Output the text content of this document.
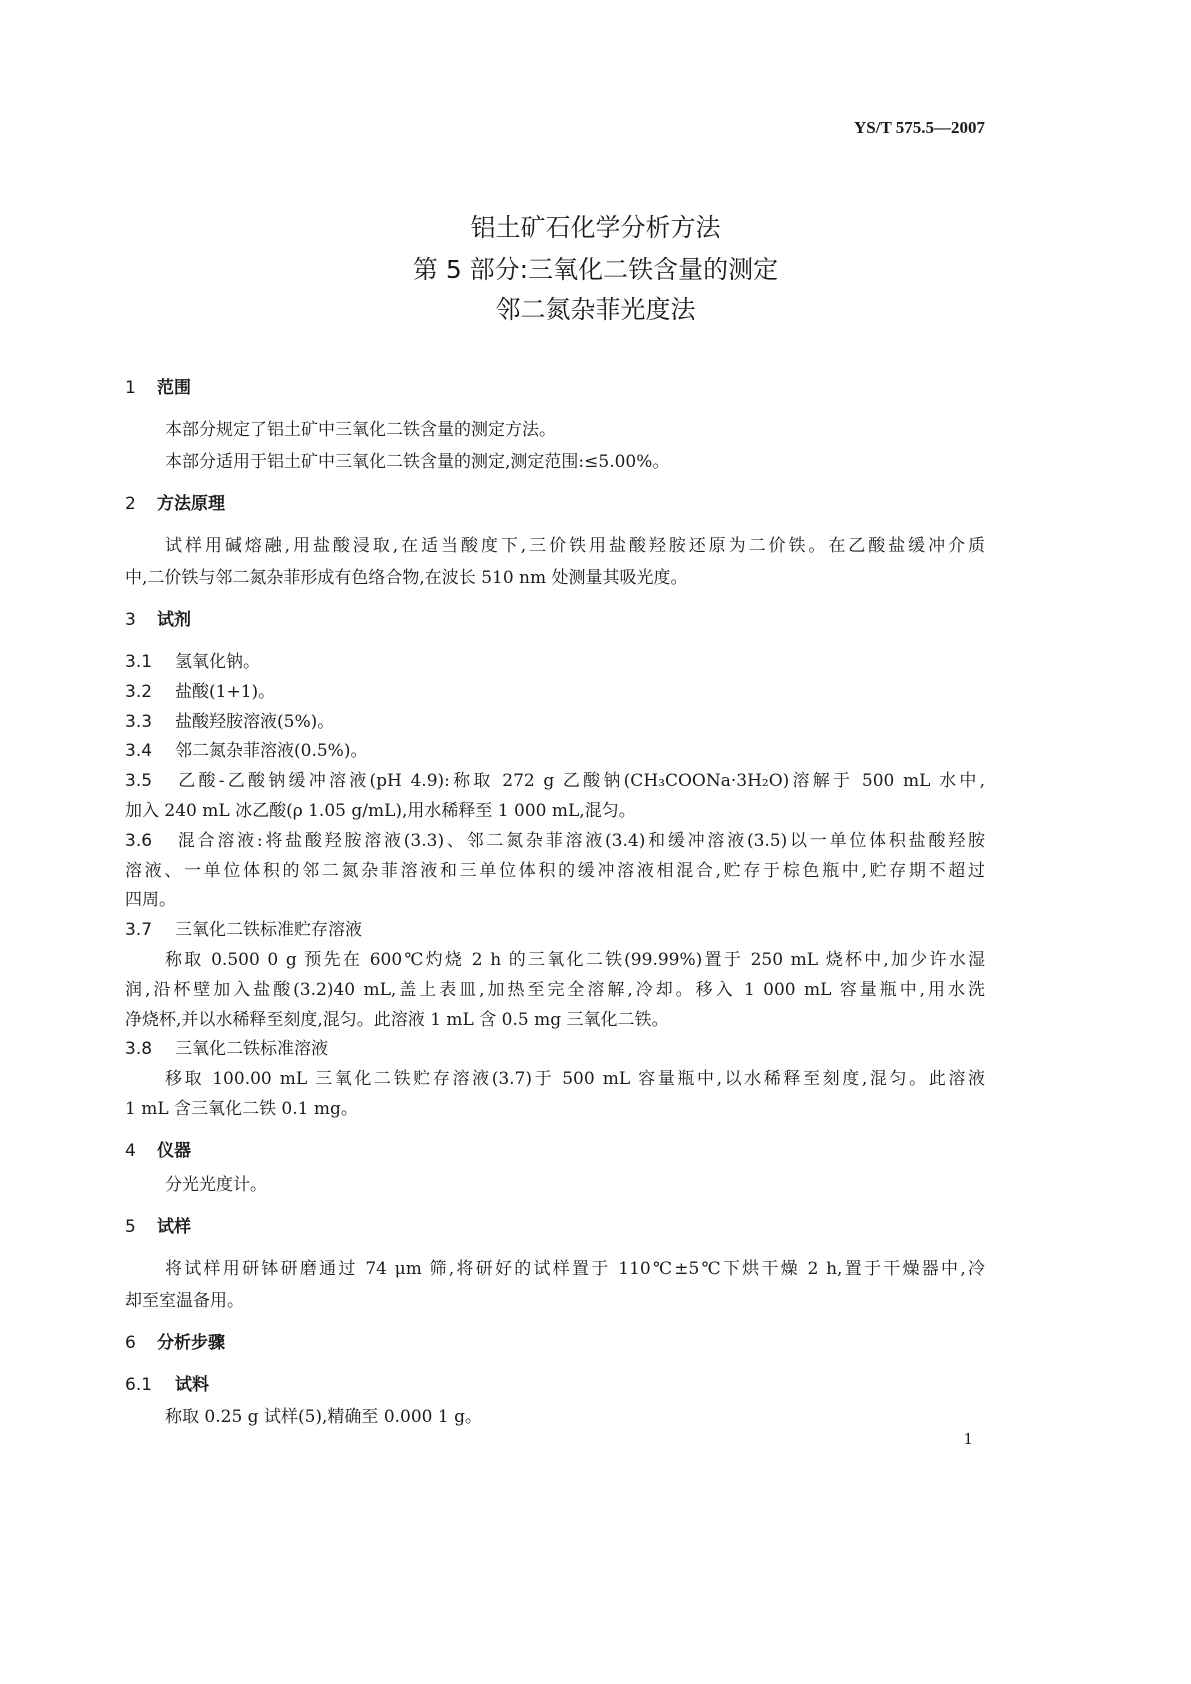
YS/T 575.5—2007
铝土矿石化学分析方法
第 5 部分:三氧化二铁含量的测定
邻二氮杂菲光度法
1 范围
本部分规定了铝土矿中三氧化二铁含量的测定方法。
本部分适用于铝土矿中三氧化二铁含量的测定,测定范围:≤5.00%。
2 方法原理
试样用碱熔融,用盐酸浸取,在适当酸度下,三价铁用盐酸羟胺还原为二价铁。在乙酸盐缓冲介质
中,二价铁与邻二氮杂菲形成有色络合物,在波长 510 nm 处测量其吸光度。
3 试剂
3.1 氢氧化钠。
3.2 盐酸(1+1)。
3.3 盐酸羟胺溶液(5%)。
3.4 邻二氮杂菲溶液(0.5%)。
3.5 乙酸-乙酸钠缓冲溶液(pH 4.9):称取 272 g 乙酸钠(CH₃COONa·3H₂O)溶解于 500 mL 水中,
加入 240 mL 冰乙酸(ρ 1.05 g/mL),用水稀释至 1 000 mL,混匀。
3.6 混合溶液:将盐酸羟胺溶液(3.3)、邻二氮杂菲溶液(3.4)和缓冲溶液(3.5)以一单位体积盐酸羟胺
溶液、一单位体积的邻二氮杂菲溶液和三单位体积的缓冲溶液相混合,贮存于棕色瓶中,贮存期不超过
四周。
3.7 三氧化二铁标准贮存溶液
称取 0.500 0 g 预先在 600℃灼烧 2 h 的三氧化二铁(99.99%)置于 250 mL 烧杯中,加少许水湿
润,沿杯壁加入盐酸(3.2)40 mL,盖上表皿,加热至完全溶解,冷却。移入 1 000 mL 容量瓶中,用水洗
净烧杯,并以水稀释至刻度,混匀。此溶液 1 mL 含 0.5 mg 三氧化二铁。
3.8 三氧化二铁标准溶液
移取 100.00 mL 三氧化二铁贮存溶液(3.7)于 500 mL 容量瓶中,以水稀释至刻度,混匀。此溶液
1 mL 含三氧化二铁 0.1 mg。
4 仪器
分光光度计。
5 试样
将试样用研钵研磨通过 74 μm 筛,将研好的试样置于 110℃±5℃下烘干燥 2 h,置于干燥器中,冷
却至室温备用。
6 分析步骤
6.1 试料
称取 0.25 g 试样(5),精确至 0.000 1 g。
1
